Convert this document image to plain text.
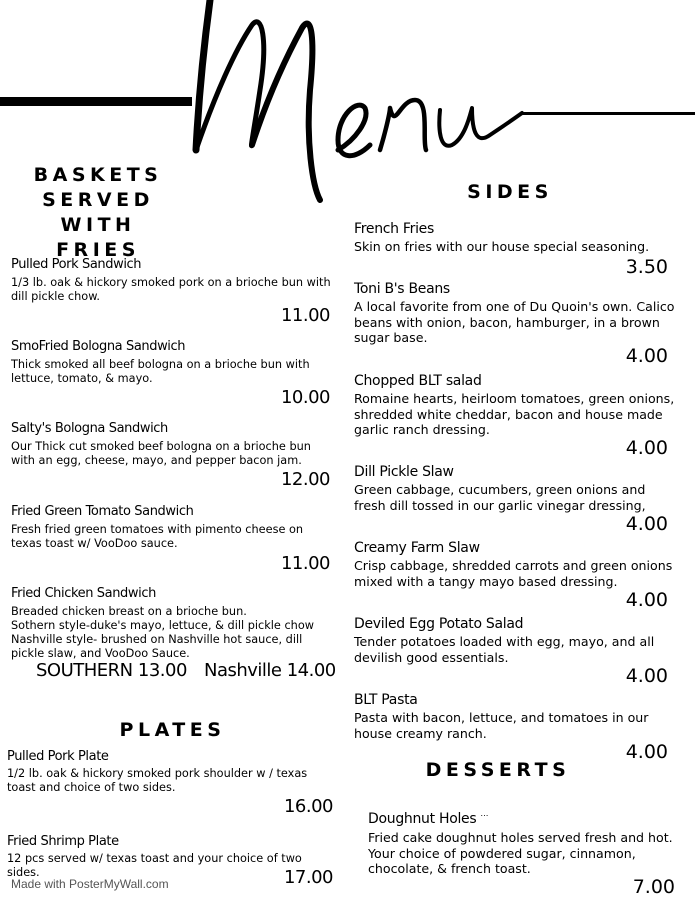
BASKETS
SERVED WITH
FRIES
Pulled Pork Sandwich
1/3 lb. oak & hickory smoked pork on a brioche bun with dill pickle chow.
11.00
SmoFried Bologna Sandwich
Thick smoked all beef bologna on a brioche bun with lettuce, tomato, & mayo.
10.00
Salty's Bologna Sandwich
Our Thick cut smoked beef bologna on a brioche bun with an egg, cheese, mayo, and pepper bacon jam.
12.00
Fried Green Tomato Sandwich
Fresh fried green tomatoes with pimento cheese on texas toast w/ VooDoo sauce.
11.00
Fried Chicken Sandwich
Breaded chicken breast on a brioche bun.
Sothern style-duke's mayo, lettuce, & dill pickle chow
Nashville style- brushed on Nashville hot sauce, dill pickle slaw, and VooDoo Sauce.
SOUTHERN 13.00 Nashville 14.00
PLATES
Pulled Pork Plate
1/2 lb. oak & hickory smoked pork shoulder w / texas toast and choice of two sides.
16.00
Fried Shrimp Plate
12 pcs served w/ texas toast and your choice of two sides.	17.00
Made with PosterMyWall.com
SIDES
French Fries
Skin on fries with our house special seasoning.
3.50
Toni B's Beans
A local favorite from one of Du Quoin's own. Calico beans with onion, bacon, hamburger, in a brown sugar base.
4.00
Chopped BLT salad
Romaine hearts, heirloom tomatoes, green onions, shredded white cheddar, bacon and house made garlic ranch dressing.
4.00
Dill Pickle Slaw
Green cabbage, cucumbers, green onions and fresh dill tossed in our garlic vinegar dressing,
4.00
Creamy Farm Slaw
Crisp cabbage, shredded carrots and green onions mixed with a tangy mayo based dressing.
4.00
Deviled Egg Potato Salad
Tender potatoes loaded with egg, mayo, and all devilish good essentials.
4.00
BLT Pasta
Pasta with bacon, lettuce, and tomatoes in our house creamy ranch.
4.00
DESSERTS
Doughnut Holes ⋯
Fried cake doughnut holes served fresh and hot. Your choice of powdered sugar, cinnamon, chocolate, & french toast.
7.00
